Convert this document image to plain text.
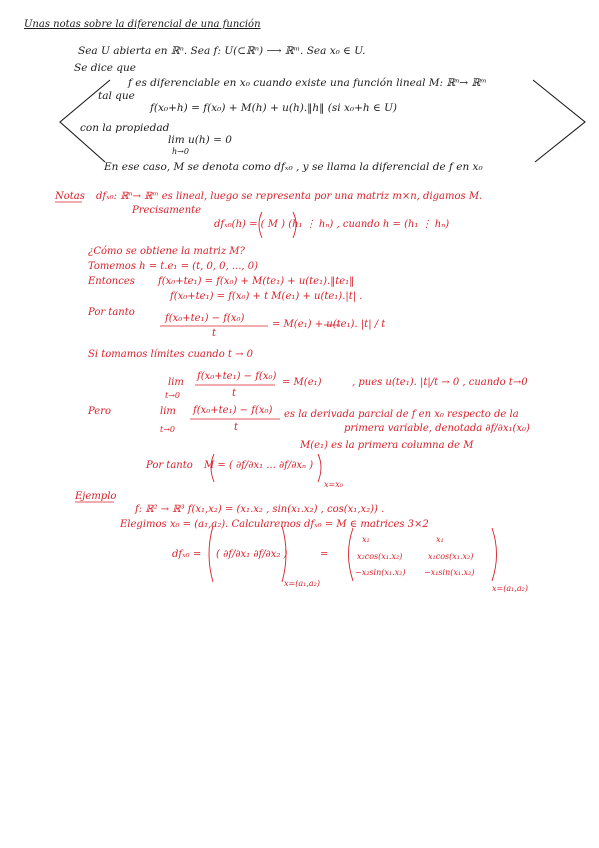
Unas notas sobre la diferencial de una función
Sea U abierta en ℝⁿ. Sea f: U(⊂ℝⁿ) ⟶ ℝᵐ. Sea x₀ ∈ U.
Se dice que
f es diferenciable en x₀ cuando existe una función lineal M: ℝⁿ→ ℝᵐ
tal que
f(x₀+h) = f(x₀) + M(h) + u(h).‖h‖ (si x₀+h ∈ U)
con la propiedad
lim u(h) = 0
h→0
En ese caso, M se denota como dfₓ₀ , y se llama la diferencial de f en x₀
Notas dfₓ₀: ℝⁿ→ ℝᵐ es lineal, luego se representa por una matriz m×n, digamos M.
Precisamente
dfₓ₀(h) = ( M ) (h₁ ⋮ hₙ) , cuando h = (h₁ ⋮ hₙ)
¿Cómo se obtiene la matriz M?
Tomemos h = t.e₁ = (t, 0, 0, ..., 0)
Entonces f(x₀+te₁) = f(x₀) + M(te₁) + u(te₁).‖te₁‖
f(x₀+te₁) = f(x₀) + t M(e₁) + u(te₁).|t| .
Por tanto
f(x₀+te₁) − f(x₀)
t
= M(e₁) + u(te₁). |t| / t
Si tomamos límites cuando t → 0
lim
t→0
f(x₀+te₁) − f(x₀)
t
= M(e₁)	, pues u(te₁). |t|/t → 0 , cuando t→0
Pero	lim
t→0
f(x₀+te₁) − f(x₀)
t
es la derivada parcial de f en x₀ respecto de la
primera variable, denotada ∂f/∂x₁(x₀)
M(e₁) es la primera columna de M
Por tanto M = ( ∂f/∂x₁ ... ∂f/∂xₙ )
x=x₀
Ejemplo
f: ℝ² → ℝ³ f(x₁,x₂) = (x₁.x₂ , sin(x₁.x₂) , cos(x₁,x₂)) .
Elegimos x₀ = (a₁,a₂). Calcularemos dfₓ₀ = M ∈ matrices 3×2
dfₓ₀ = ( ∂f/∂x₁ ∂f/∂x₂ )
x=(a₁,a₂)
=
x₂	x₁
x₂cos(x₁.x₂)	x₁cos(x₁.x₂)
−x₂sin(x₁.x₂) −x₁sin(x₁.x₂)
x=(a₁,a₂)
